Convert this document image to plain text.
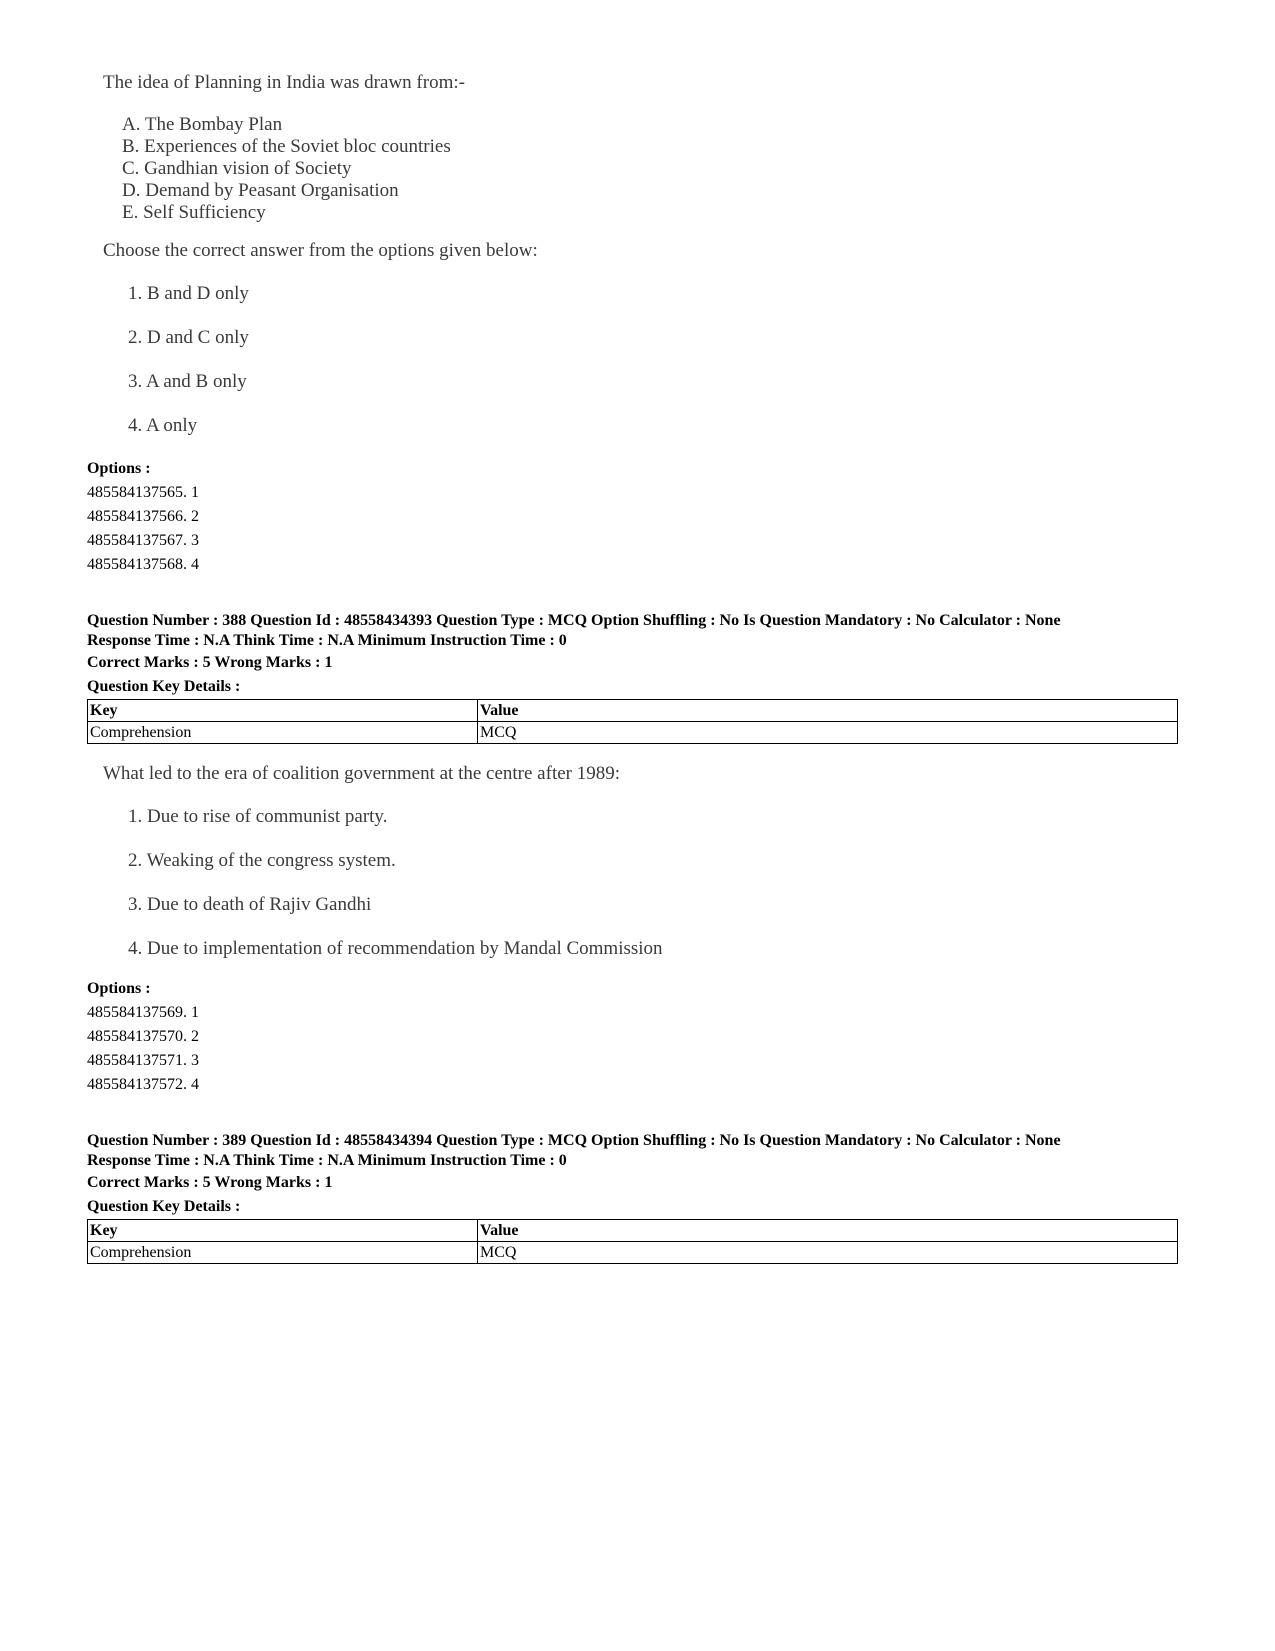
The idea of Planning in India was drawn from:-
A. The Bombay Plan
B. Experiences of the Soviet bloc countries
C. Gandhian vision of Society
D. Demand by Peasant Organisation
E. Self Sufficiency
Choose the correct answer from the options given below:
1. B and D only
2. D and C only
3. A and B only
4. A only
Options :
485584137565. 1
485584137566. 2
485584137567. 3
485584137568. 4
Question Number : 388 Question Id : 48558434393 Question Type : MCQ Option Shuffling : No Is Question Mandatory : No Calculator : None
Response Time : N.A Think Time : N.A Minimum Instruction Time : 0
Correct Marks : 5 Wrong Marks : 1
Question Key Details :
Key	Value
Comprehension	MCQ
What led to the era of coalition government at the centre after 1989:
1. Due to rise of communist party.
2. Weaking of the congress system.
3. Due to death of Rajiv Gandhi
4. Due to implementation of recommendation by Mandal Commission
Options :
485584137569. 1
485584137570. 2
485584137571. 3
485584137572. 4
Question Number : 389 Question Id : 48558434394 Question Type : MCQ Option Shuffling : No Is Question Mandatory : No Calculator : None
Response Time : N.A Think Time : N.A Minimum Instruction Time : 0
Correct Marks : 5 Wrong Marks : 1
Question Key Details :
Key	Value
Comprehension	MCQ
